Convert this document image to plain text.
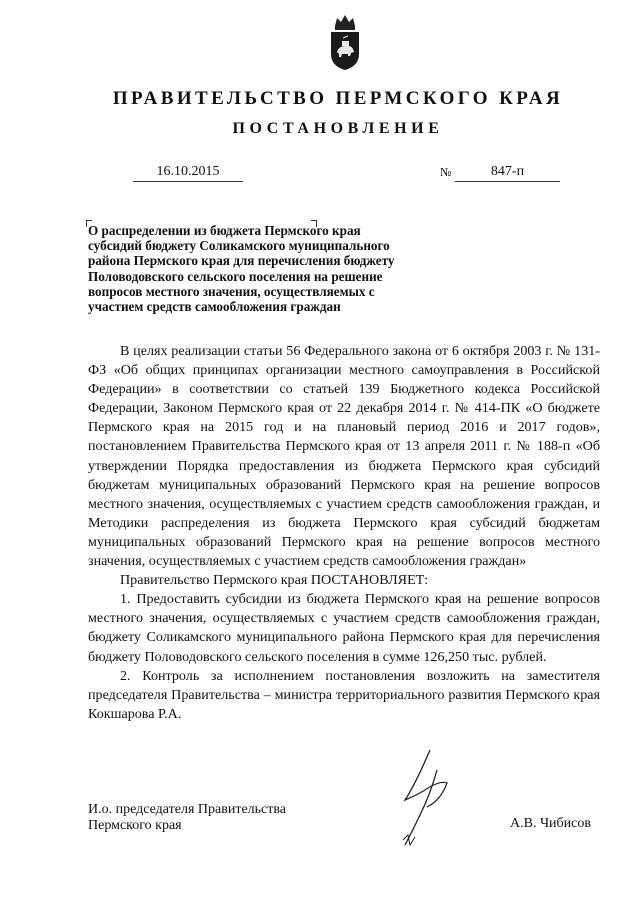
ПРАВИТЕЛЬСТВО ПЕРМСКОГО КРАЯ
ПОСТАНОВЛЕНИЕ
16.10.2015	№	847-п
О распределении из бюджета Пермского края субсидий бюджету Соликамского муниципального района Пермского края для перечисления бюджету Половодовского сельского поселения на решение вопросов местного значения, осуществляемых с участием средств самообложения граждан

В целях реализации статьи 56 Федерального закона от 6 октября 2003 г. № 131-ФЗ «Об общих принципах организации местного самоуправления в Российской Федерации» в соответствии со статьей 139 Бюджетного кодекса Российской Федерации, Законом Пермского края от 22 декабря 2014 г. № 414-ПК «О бюджете Пермского края на 2015 год и на плановый период 2016 и 2017 годов», постановлением Правительства Пермского края от 13 апреля 2011 г. № 188-п «Об утверждении Порядка предоставления из бюджета Пермского края субсидий бюджетам муниципальных образований Пермского края на решение вопросов местного значения, осуществляемых с участием средств самообложения граждан, и Методики распределения из бюджета Пермского края субсидий бюджетам муниципальных образований Пермского края на решение вопросов местного значения, осуществляемых с участием средств самообложения граждан»

Правительство Пермского края ПОСТАНОВЛЯЕТ:

1. Предоставить субсидии из бюджета Пермского края на решение вопросов местного значения, осуществляемых с участием средств самообложения граждан, бюджету Соликамского муниципального района Пермского края для перечисления бюджету Половодовского сельского поселения в сумме 126,250 тыс. рублей.

2. Контроль за исполнением постановления возложить на заместителя председателя Правительства – министра территориального развития Пермского края Кокшарова Р.А.

И.о. председателя Правительства
Пермского края	А.В. Чибисов
